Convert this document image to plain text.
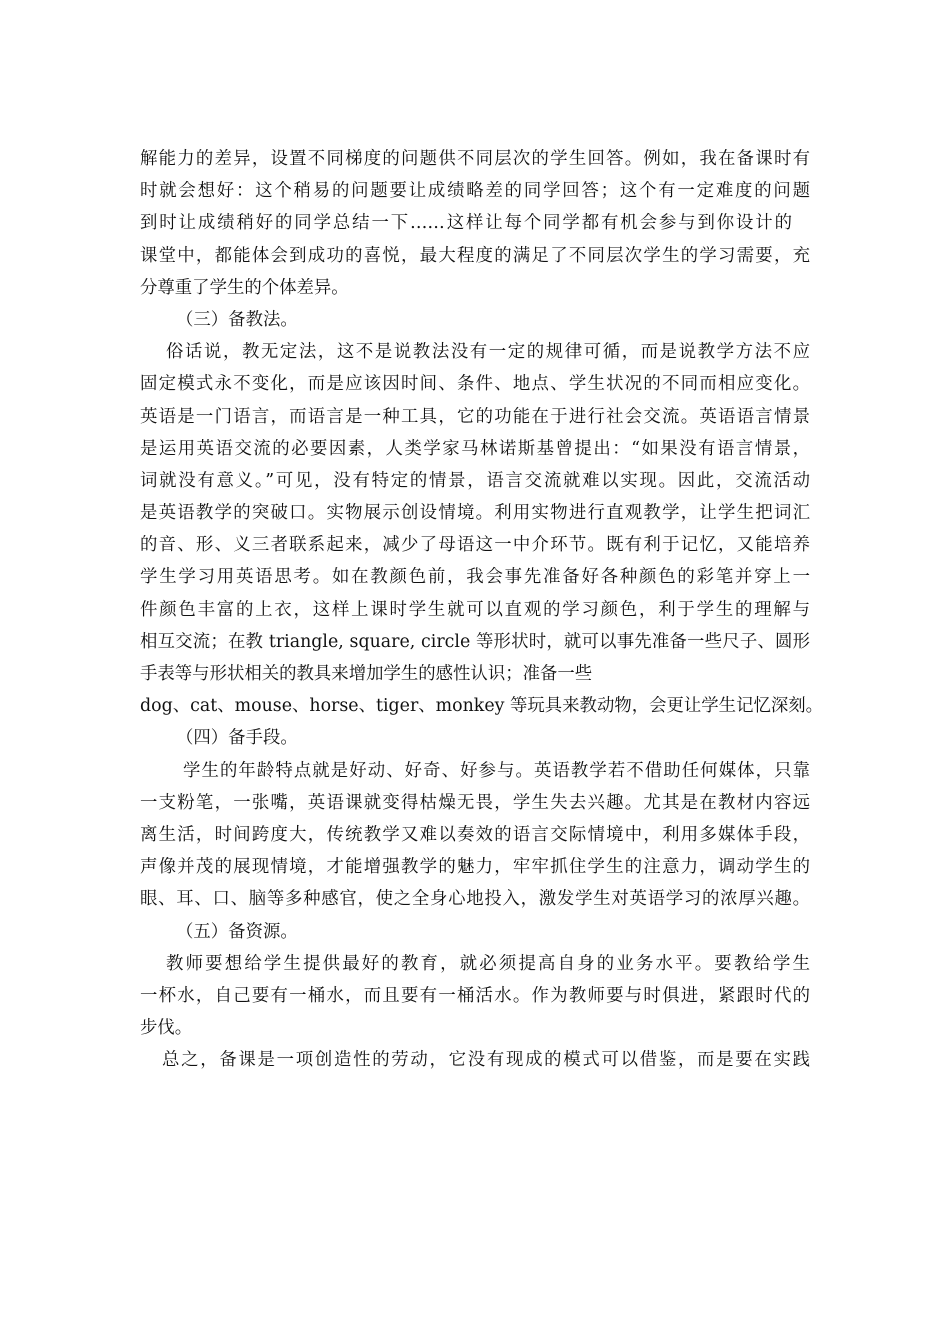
解能力的差异，设置不同梯度的问题供不同层次的学生回答。例如，我在备课时有
时就会想好：这个稍易的问题要让成绩略差的同学回答；这个有一定难度的问题
到时让成绩稍好的同学总结一下……这样让每个同学都有机会参与到你设计的
课堂中，都能体会到成功的喜悦，最大程度的满足了不同层次学生的学习需要，充
分尊重了学生的个体差异。
（三）备教法。
俗话说，教无定法，这不是说教法没有一定的规律可循，而是说教学方法不应
固定模式永不变化，而是应该因时间、条件、地点、学生状况的不同而相应变化。
英语是一门语言，而语言是一种工具，它的功能在于进行社会交流。英语语言情景
是运用英语交流的必要因素，人类学家马林诺斯基曾提出：“如果没有语言情景，
词就没有意义。”可见，没有特定的情景，语言交流就难以实现。因此，交流活动
是英语教学的突破口。实物展示创设情境。利用实物进行直观教学，让学生把词汇
的音、形、义三者联系起来，减少了母语这一中介环节。既有利于记忆，又能培养
学生学习用英语思考。如在教颜色前，我会事先准备好各种颜色的彩笔并穿上一
件颜色丰富的上衣，这样上课时学生就可以直观的学习颜色，利于学生的理解与
相互交流；在教 triangle, square, circle 等形状时，就可以事先准备一些尺子、圆形
手表等与形状相关的教具来增加学生的感性认识；准备一些
dog、cat、mouse、horse、tiger、monkey 等玩具来教动物，会更让学生记忆深刻。
（四）备手段。
学生的年龄特点就是好动、好奇、好参与。英语教学若不借助任何媒体，只靠
一支粉笔，一张嘴，英语课就变得枯燥无畏，学生失去兴趣。尤其是在教材内容远
离生活，时间跨度大，传统教学又难以奏效的语言交际情境中，利用多媒体手段，
声像并茂的展现情境，才能增强教学的魅力，牢牢抓住学生的注意力，调动学生的
眼、耳、口、脑等多种感官，使之全身心地投入，激发学生对英语学习的浓厚兴趣。
（五）备资源。
教师要想给学生提供最好的教育，就必须提高自身的业务水平。要教给学生
一杯水，自己要有一桶水，而且要有一桶活水。作为教师要与时俱进，紧跟时代的
步伐。
总之，备课是一项创造性的劳动，它没有现成的模式可以借鉴，而是要在实践
